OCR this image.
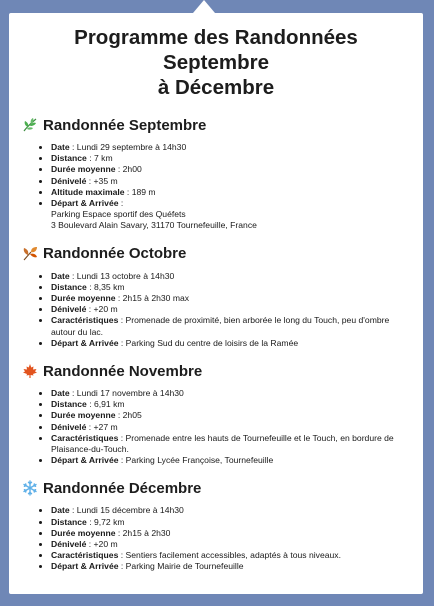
Programme des Randonnées Septembre
à Décembre
Randonnée Septembre
• Date : Lundi 29 septembre à 14h30
• Distance : 7 km
• Durée moyenne : 2h00
• Dénivelé : +35 m
• Altitude maximale : 189 m
• Départ & Arrivée :
Parking Espace sportif des Quéfets
3 Boulevard Alain Savary, 31170 Tournefeuille, France
Randonnée Octobre
• Date : Lundi 13 octobre à 14h30
• Distance : 8,35 km
• Durée moyenne : 2h15 à 2h30 max
• Dénivelé : +20 m
• Caractéristiques : Promenade de proximité, bien arborée le long du Touch, peu d'ombre autour du lac.
• Départ & Arrivée : Parking Sud du centre de loisirs de la Ramée
Randonnée Novembre
• Date : Lundi 17 novembre à 14h30
• Distance : 6,91 km
• Durée moyenne : 2h05
• Dénivelé : +27 m
• Caractéristiques : Promenade entre les hauts de Tournefeuille et le Touch, en bordure de Plaisance-du-Touch.
• Départ & Arrivée : Parking Lycée Françoise, Tournefeuille
Randonnée Décembre
• Date : Lundi 15 décembre à 14h30
• Distance : 9,72 km
• Durée moyenne : 2h15 à 2h30
• Dénivelé : +20 m
• Caractéristiques : Sentiers facilement accessibles, adaptés à tous niveaux.
• Départ & Arrivée : Parking Mairie de Tournefeuille
